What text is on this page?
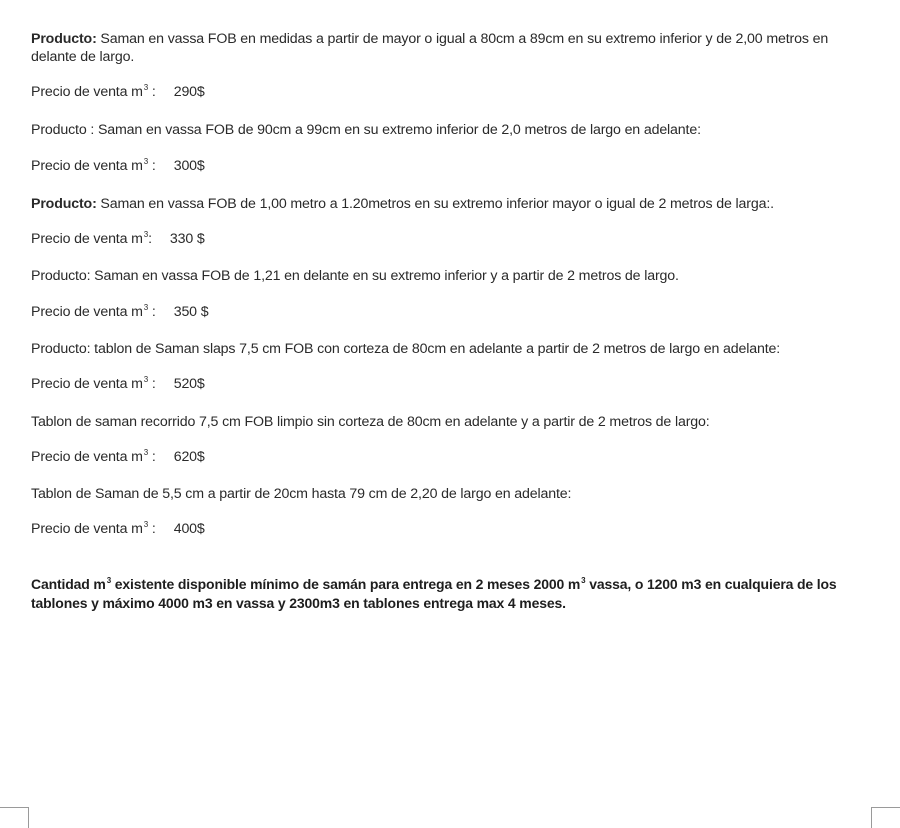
Producto: Saman en vassa FOB en medidas a partir de mayor o igual a 80cm a 89cm en su extremo inferior y de 2,00 metros en delante de largo.

Precio de venta $m^3$ : 290$

Producto : Saman en vassa FOB de 90cm a 99cm en su extremo inferior de 2,0 metros de largo en adelante:

Precio de venta $m^3$ : 300$

Producto: Saman en vassa FOB de 1,00 metro a 1.20metros en su extremo inferior mayor o igual de 2 metros de larga:.

Precio de venta $m^3$: 330 $

Producto: Saman en vassa FOB de 1,21 en delante en su extremo inferior y a partir de 2 metros de largo.

Precio de venta $m^3$ : 350 $

Producto: tablon de Saman slaps 7,5 cm FOB con corteza de 80cm en adelante a partir de 2 metros de largo en adelante:

Precio de venta $m^3$ : 520$

Tablon de saman recorrido 7,5 cm FOB limpio sin corteza de 80cm en adelante y a partir de 2 metros de largo:

Precio de venta $m^3$ : 620$

Tablon de Saman de 5,5 cm a partir de 20cm hasta 79 cm de 2,20 de largo en adelante:

Precio de venta $m^3$ : 400$

Cantidad $m^3$ existente disponible mínimo de samán para entrega en 2 meses 2000 $m^3$ vassa, o 1200 m3 en cualquiera de los tablones y máximo 4000 m3 en vassa y 2300m3 en tablones entrega max 4 meses.
